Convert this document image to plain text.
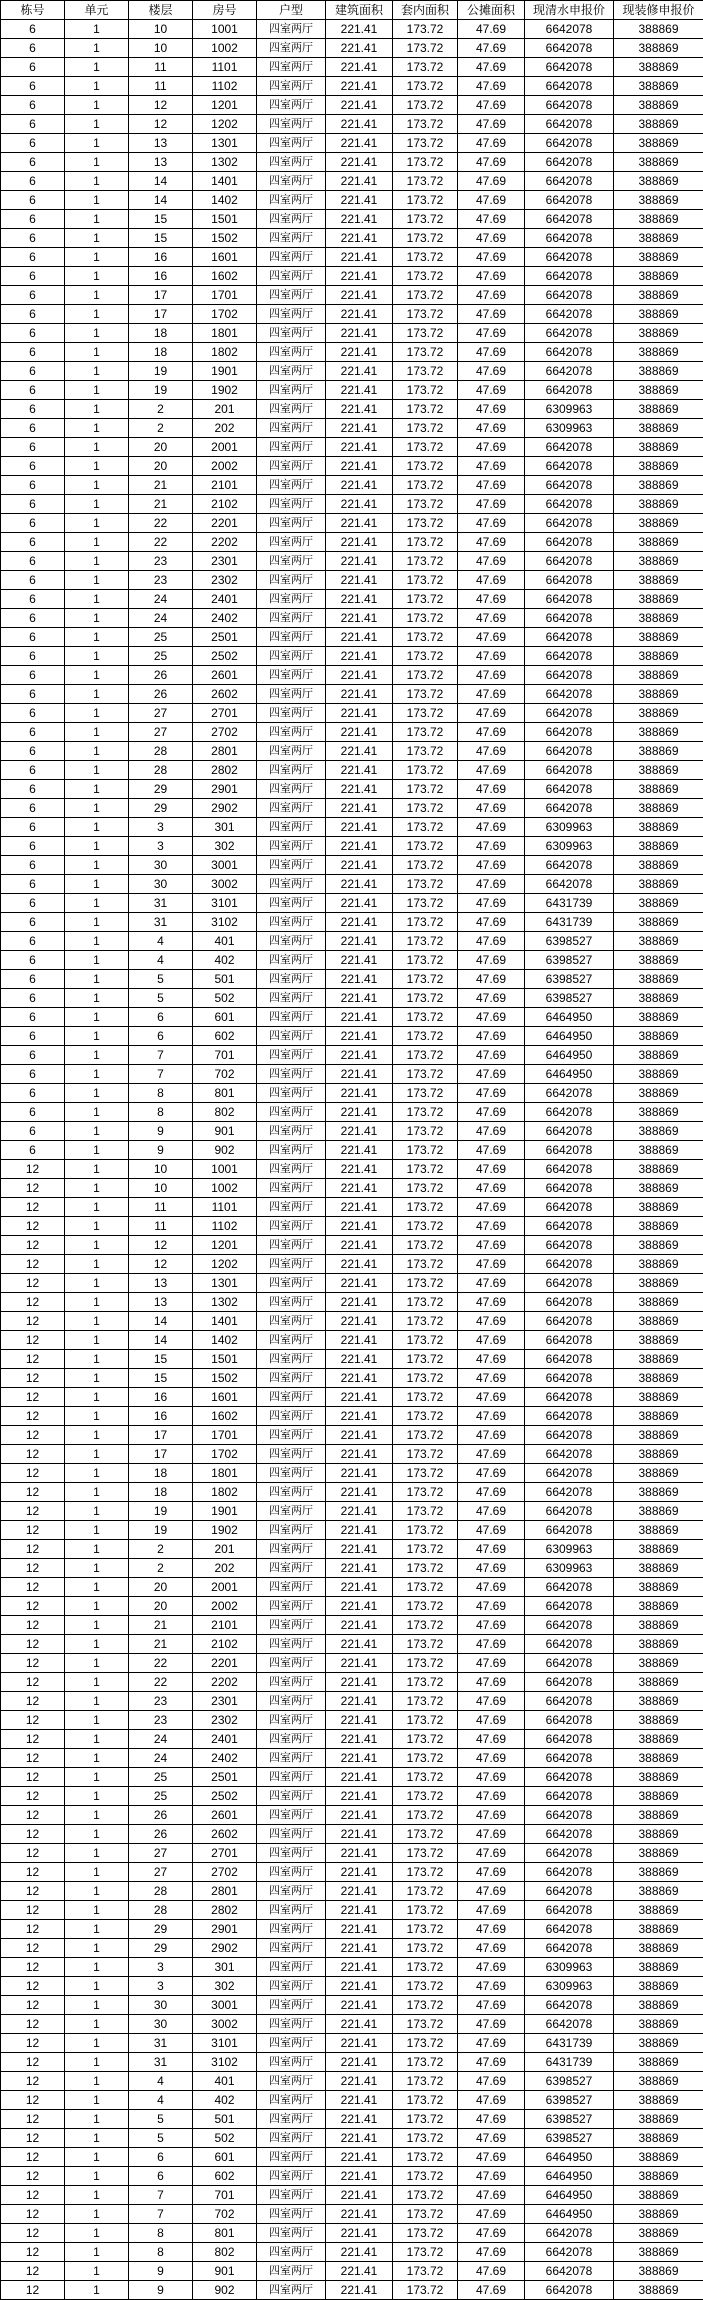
栋号	单元	楼层	房号	户型	建筑面积	套内面积	公摊面积	现清水申报价	现装修申报价
6	1	10	1001	四室两厅	221.41	173.72	47.69	6642078	388869
6	1	10	1002	四室两厅	221.41	173.72	47.69	6642078	388869
6	1	11	1101	四室两厅	221.41	173.72	47.69	6642078	388869
6	1	11	1102	四室两厅	221.41	173.72	47.69	6642078	388869
6	1	12	1201	四室两厅	221.41	173.72	47.69	6642078	388869
6	1	12	1202	四室两厅	221.41	173.72	47.69	6642078	388869
6	1	13	1301	四室两厅	221.41	173.72	47.69	6642078	388869
6	1	13	1302	四室两厅	221.41	173.72	47.69	6642078	388869
6	1	14	1401	四室两厅	221.41	173.72	47.69	6642078	388869
6	1	14	1402	四室两厅	221.41	173.72	47.69	6642078	388869
6	1	15	1501	四室两厅	221.41	173.72	47.69	6642078	388869
6	1	15	1502	四室两厅	221.41	173.72	47.69	6642078	388869
6	1	16	1601	四室两厅	221.41	173.72	47.69	6642078	388869
6	1	16	1602	四室两厅	221.41	173.72	47.69	6642078	388869
6	1	17	1701	四室两厅	221.41	173.72	47.69	6642078	388869
6	1	17	1702	四室两厅	221.41	173.72	47.69	6642078	388869
6	1	18	1801	四室两厅	221.41	173.72	47.69	6642078	388869
6	1	18	1802	四室两厅	221.41	173.72	47.69	6642078	388869
6	1	19	1901	四室两厅	221.41	173.72	47.69	6642078	388869
6	1	19	1902	四室两厅	221.41	173.72	47.69	6642078	388869
6	1	2	201	四室两厅	221.41	173.72	47.69	6309963	388869
6	1	2	202	四室两厅	221.41	173.72	47.69	6309963	388869
6	1	20	2001	四室两厅	221.41	173.72	47.69	6642078	388869
6	1	20	2002	四室两厅	221.41	173.72	47.69	6642078	388869
6	1	21	2101	四室两厅	221.41	173.72	47.69	6642078	388869
6	1	21	2102	四室两厅	221.41	173.72	47.69	6642078	388869
6	1	22	2201	四室两厅	221.41	173.72	47.69	6642078	388869
6	1	22	2202	四室两厅	221.41	173.72	47.69	6642078	388869
6	1	23	2301	四室两厅	221.41	173.72	47.69	6642078	388869
6	1	23	2302	四室两厅	221.41	173.72	47.69	6642078	388869
6	1	24	2401	四室两厅	221.41	173.72	47.69	6642078	388869
6	1	24	2402	四室两厅	221.41	173.72	47.69	6642078	388869
6	1	25	2501	四室两厅	221.41	173.72	47.69	6642078	388869
6	1	25	2502	四室两厅	221.41	173.72	47.69	6642078	388869
6	1	26	2601	四室两厅	221.41	173.72	47.69	6642078	388869
6	1	26	2602	四室两厅	221.41	173.72	47.69	6642078	388869
6	1	27	2701	四室两厅	221.41	173.72	47.69	6642078	388869
6	1	27	2702	四室两厅	221.41	173.72	47.69	6642078	388869
6	1	28	2801	四室两厅	221.41	173.72	47.69	6642078	388869
6	1	28	2802	四室两厅	221.41	173.72	47.69	6642078	388869
6	1	29	2901	四室两厅	221.41	173.72	47.69	6642078	388869
6	1	29	2902	四室两厅	221.41	173.72	47.69	6642078	388869
6	1	3	301	四室两厅	221.41	173.72	47.69	6309963	388869
6	1	3	302	四室两厅	221.41	173.72	47.69	6309963	388869
6	1	30	3001	四室两厅	221.41	173.72	47.69	6642078	388869
6	1	30	3002	四室两厅	221.41	173.72	47.69	6642078	388869
6	1	31	3101	四室两厅	221.41	173.72	47.69	6431739	388869
6	1	31	3102	四室两厅	221.41	173.72	47.69	6431739	388869
6	1	4	401	四室两厅	221.41	173.72	47.69	6398527	388869
6	1	4	402	四室两厅	221.41	173.72	47.69	6398527	388869
6	1	5	501	四室两厅	221.41	173.72	47.69	6398527	388869
6	1	5	502	四室两厅	221.41	173.72	47.69	6398527	388869
6	1	6	601	四室两厅	221.41	173.72	47.69	6464950	388869
6	1	6	602	四室两厅	221.41	173.72	47.69	6464950	388869
6	1	7	701	四室两厅	221.41	173.72	47.69	6464950	388869
6	1	7	702	四室两厅	221.41	173.72	47.69	6464950	388869
6	1	8	801	四室两厅	221.41	173.72	47.69	6642078	388869
6	1	8	802	四室两厅	221.41	173.72	47.69	6642078	388869
6	1	9	901	四室两厅	221.41	173.72	47.69	6642078	388869
6	1	9	902	四室两厅	221.41	173.72	47.69	6642078	388869
12	1	10	1001	四室两厅	221.41	173.72	47.69	6642078	388869
12	1	10	1002	四室两厅	221.41	173.72	47.69	6642078	388869
12	1	11	1101	四室两厅	221.41	173.72	47.69	6642078	388869
12	1	11	1102	四室两厅	221.41	173.72	47.69	6642078	388869
12	1	12	1201	四室两厅	221.41	173.72	47.69	6642078	388869
12	1	12	1202	四室两厅	221.41	173.72	47.69	6642078	388869
12	1	13	1301	四室两厅	221.41	173.72	47.69	6642078	388869
12	1	13	1302	四室两厅	221.41	173.72	47.69	6642078	388869
12	1	14	1401	四室两厅	221.41	173.72	47.69	6642078	388869
12	1	14	1402	四室两厅	221.41	173.72	47.69	6642078	388869
12	1	15	1501	四室两厅	221.41	173.72	47.69	6642078	388869
12	1	15	1502	四室两厅	221.41	173.72	47.69	6642078	388869
12	1	16	1601	四室两厅	221.41	173.72	47.69	6642078	388869
12	1	16	1602	四室两厅	221.41	173.72	47.69	6642078	388869
12	1	17	1701	四室两厅	221.41	173.72	47.69	6642078	388869
12	1	17	1702	四室两厅	221.41	173.72	47.69	6642078	388869
12	1	18	1801	四室两厅	221.41	173.72	47.69	6642078	388869
12	1	18	1802	四室两厅	221.41	173.72	47.69	6642078	388869
12	1	19	1901	四室两厅	221.41	173.72	47.69	6642078	388869
12	1	19	1902	四室两厅	221.41	173.72	47.69	6642078	388869
12	1	2	201	四室两厅	221.41	173.72	47.69	6309963	388869
12	1	2	202	四室两厅	221.41	173.72	47.69	6309963	388869
12	1	20	2001	四室两厅	221.41	173.72	47.69	6642078	388869
12	1	20	2002	四室两厅	221.41	173.72	47.69	6642078	388869
12	1	21	2101	四室两厅	221.41	173.72	47.69	6642078	388869
12	1	21	2102	四室两厅	221.41	173.72	47.69	6642078	388869
12	1	22	2201	四室两厅	221.41	173.72	47.69	6642078	388869
12	1	22	2202	四室两厅	221.41	173.72	47.69	6642078	388869
12	1	23	2301	四室两厅	221.41	173.72	47.69	6642078	388869
12	1	23	2302	四室两厅	221.41	173.72	47.69	6642078	388869
12	1	24	2401	四室两厅	221.41	173.72	47.69	6642078	388869
12	1	24	2402	四室两厅	221.41	173.72	47.69	6642078	388869
12	1	25	2501	四室两厅	221.41	173.72	47.69	6642078	388869
12	1	25	2502	四室两厅	221.41	173.72	47.69	6642078	388869
12	1	26	2601	四室两厅	221.41	173.72	47.69	6642078	388869
12	1	26	2602	四室两厅	221.41	173.72	47.69	6642078	388869
12	1	27	2701	四室两厅	221.41	173.72	47.69	6642078	388869
12	1	27	2702	四室两厅	221.41	173.72	47.69	6642078	388869
12	1	28	2801	四室两厅	221.41	173.72	47.69	6642078	388869
12	1	28	2802	四室两厅	221.41	173.72	47.69	6642078	388869
12	1	29	2901	四室两厅	221.41	173.72	47.69	6642078	388869
12	1	29	2902	四室两厅	221.41	173.72	47.69	6642078	388869
12	1	3	301	四室两厅	221.41	173.72	47.69	6309963	388869
12	1	3	302	四室两厅	221.41	173.72	47.69	6309963	388869
12	1	30	3001	四室两厅	221.41	173.72	47.69	6642078	388869
12	1	30	3002	四室两厅	221.41	173.72	47.69	6642078	388869
12	1	31	3101	四室两厅	221.41	173.72	47.69	6431739	388869
12	1	31	3102	四室两厅	221.41	173.72	47.69	6431739	388869
12	1	4	401	四室两厅	221.41	173.72	47.69	6398527	388869
12	1	4	402	四室两厅	221.41	173.72	47.69	6398527	388869
12	1	5	501	四室两厅	221.41	173.72	47.69	6398527	388869
12	1	5	502	四室两厅	221.41	173.72	47.69	6398527	388869
12	1	6	601	四室两厅	221.41	173.72	47.69	6464950	388869
12	1	6	602	四室两厅	221.41	173.72	47.69	6464950	388869
12	1	7	701	四室两厅	221.41	173.72	47.69	6464950	388869
12	1	7	702	四室两厅	221.41	173.72	47.69	6464950	388869
12	1	8	801	四室两厅	221.41	173.72	47.69	6642078	388869
12	1	8	802	四室两厅	221.41	173.72	47.69	6642078	388869
12	1	9	901	四室两厅	221.41	173.72	47.69	6642078	388869
12	1	9	902	四室两厅	221.41	173.72	47.69	6642078	388869
